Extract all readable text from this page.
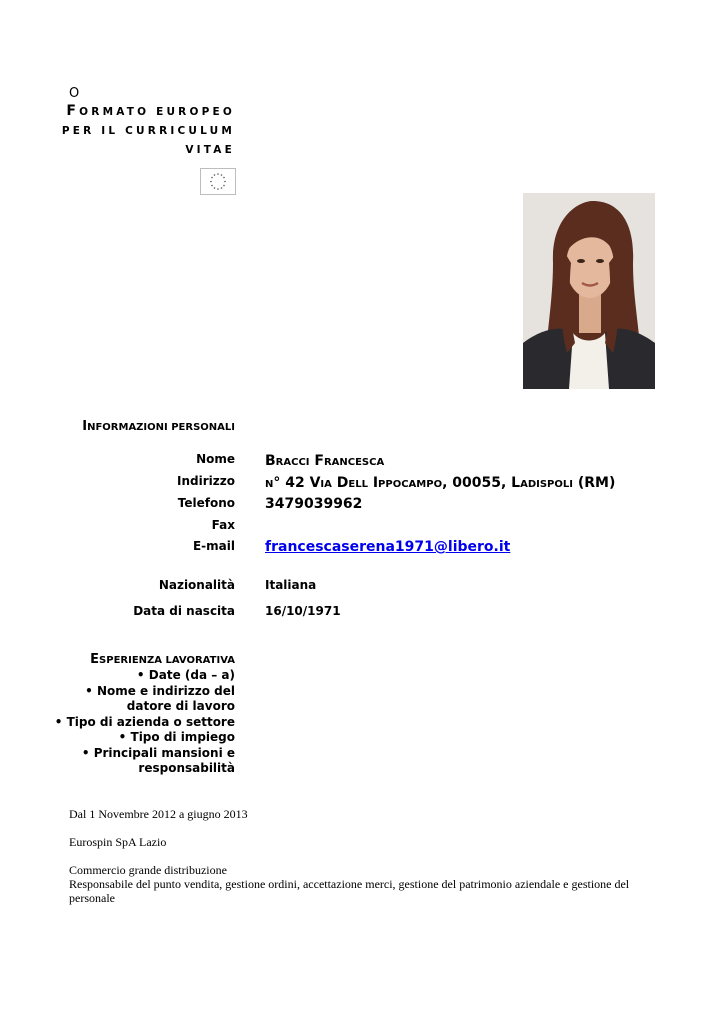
O
FORMATO EUROPEO
PER IL CURRICULUM
VITAE
INFORMAZIONI PERSONALI
Nome Bracci Francesca
Indirizzo n° 42 Via Dell Ippocampo, 00055, Ladispoli (RM)
Telefono 3479039962
Fax
E-mail francescaserena1971@libero.it
Nazionalità	Italiana
Data di nascita	16/10/1971
ESPERIENZA LAVORATIVA
• Date (da – a)
• Nome e indirizzo del
datore di lavoro
• Tipo di azienda o settore
• Tipo di impiego
• Principali mansioni e
responsabilità
Dal 1 Novembre 2012 a giugno 2013
Eurospin SpA Lazio
Commercio grande distribuzione
Responsabile del punto vendita, gestione ordini, accettazione merci, gestione del patrimonio aziendale e gestione del personale
